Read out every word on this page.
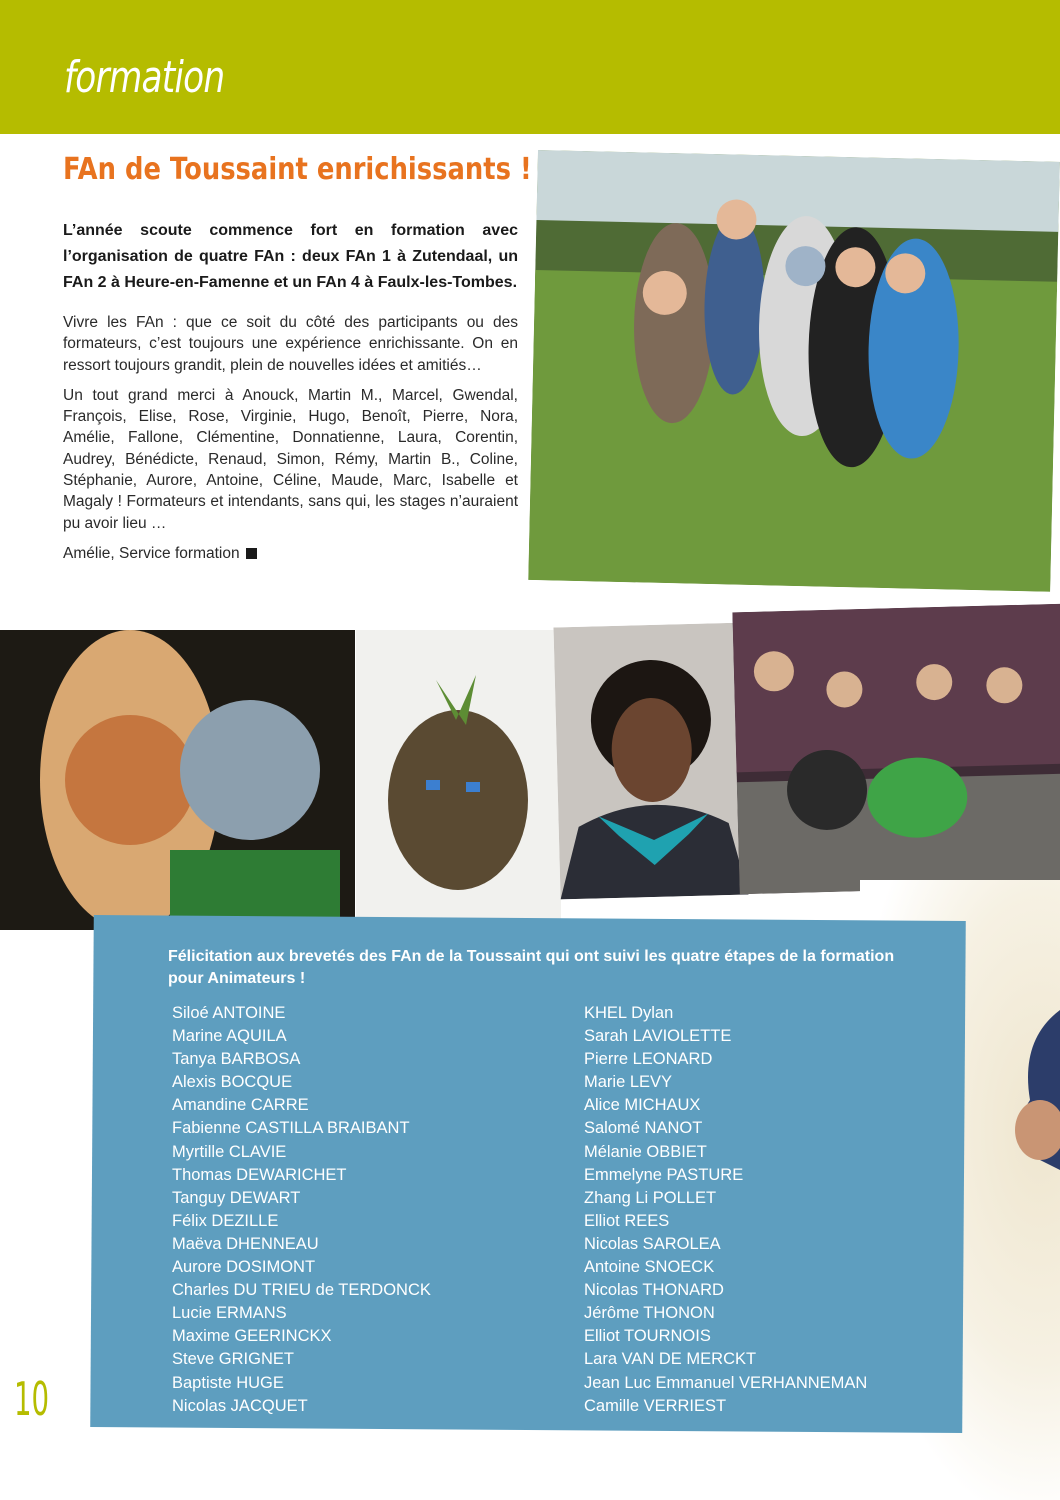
formation
FAn de Toussaint enrichissants !

L’année scoute commence fort en formation avec l’organisation de quatre FAn : deux FAn 1 à Zutendaal, un FAn 2 à Heure-en-Famenne et un FAn 4 à Faulx-les-Tombes.

Vivre les FAn : que ce soit du côté des participants ou des formateurs, c’est toujours une expérience enrichissante. On en ressort toujours grandit, plein de nouvelles idées et amitiés…

Un tout grand merci à Anouck, Martin M., Marcel, Gwendal, François, Elise, Rose, Virginie, Hugo, Benoît, Pierre, Nora, Amélie, Fallone, Clémentine, Donnatienne, Laura, Corentin, Audrey, Bénédicte, Renaud, Simon, Rémy, Martin B., Coline, Stéphanie, Aurore, Antoine, Céline, Maude, Marc, Isabelle et Magaly ! Formateurs et intendants, sans qui, les stages n’auraient pu avoir lieu …

Amélie, Service formation

Félicitation aux brevetés des FAn de la Toussaint qui ont suivi les quatre étapes de la formation pour Animateurs !

Siloé ANTOINE
Marine AQUILA
Tanya BARBOSA
Alexis BOCQUE
Amandine CARRE
Fabienne CASTILLA BRAIBANT
Myrtille CLAVIE
Thomas DEWARICHET
Tanguy DEWART
Félix DEZILLE
Maëva DHENNEAU
Aurore DOSIMONT
Charles DU TRIEU de TERDONCK
Lucie ERMANS
Maxime GEERINCKX
Steve GRIGNET
Baptiste HUGE
Nicolas JACQUET
KHEL Dylan
Sarah LAVIOLETTE
Pierre LEONARD
Marie LEVY
Alice MICHAUX
Salomé NANOT
Mélanie OBBIET
Emmelyne PASTURE
Zhang Li POLLET
Elliot REES
Nicolas SAROLEA
Antoine SNOECK
Nicolas THONARD
Jérôme THONON
Elliot TOURNOIS
Lara VAN DE MERCKT
Jean Luc Emmanuel VERHANNEMAN
Camille VERRIEST
10
